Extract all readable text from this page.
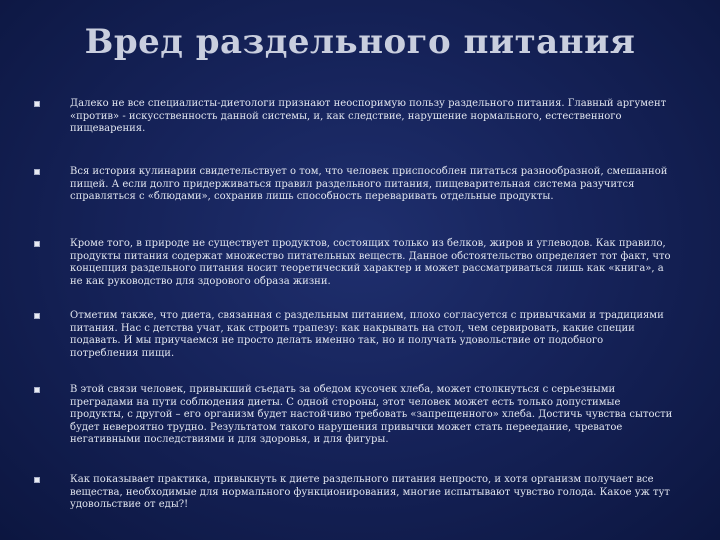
Вред раздельного питания
Далеко не все специалисты-диетологи признают неоспоримую пользу раздельного питания. Главный аргумент «против» - искусственность данной системы, и, как следствие, нарушение нормального, естественного пищеварения.
Вся история кулинарии свидетельствует о том, что человек приспособлен питаться разнообразной, смешанной пищей. А если долго придерживаться правил раздельного питания, пищеварительная система разучится справляться с «блюдами», сохранив лишь способность переваривать отдельные продукты.
Кроме того, в природе не существует продуктов, состоящих только из белков, жиров и углеводов. Как правило, продукты питания содержат множество питательных веществ. Данное обстоятельство определяет тот факт, что концепция раздельного питания носит теоретический характер и может рассматриваться лишь как «книга», а не как руководство для здорового образа жизни.
Отметим также, что диета, связанная с раздельным питанием, плохо согласуется с привычками и традициями питания. Нас с детства учат, как строить трапезу: как накрывать на стол, чем сервировать, какие специи подавать. И мы приучаемся не просто делать именно так, но и получать удовольствие от подобного потребления пищи.
В этой связи человек, привыкший съедать за обедом кусочек хлеба, может столкнуться с серьезными преградами на пути соблюдения диеты. С одной стороны, этот человек может есть только допустимые продукты, с другой – его организм будет настойчиво требовать «запрещенного» хлеба. Достичь чувства сытости будет невероятно трудно. Результатом такого нарушения привычки может стать переедание, чреватое негативными последствиями и для здоровья, и для фигуры.
Как показывает практика, привыкнуть к диете раздельного питания непросто, и хотя организм получает все вещества, необходимые для нормального функционирования, многие испытывают чувство голода. Какое уж тут удовольствие от еды?!
